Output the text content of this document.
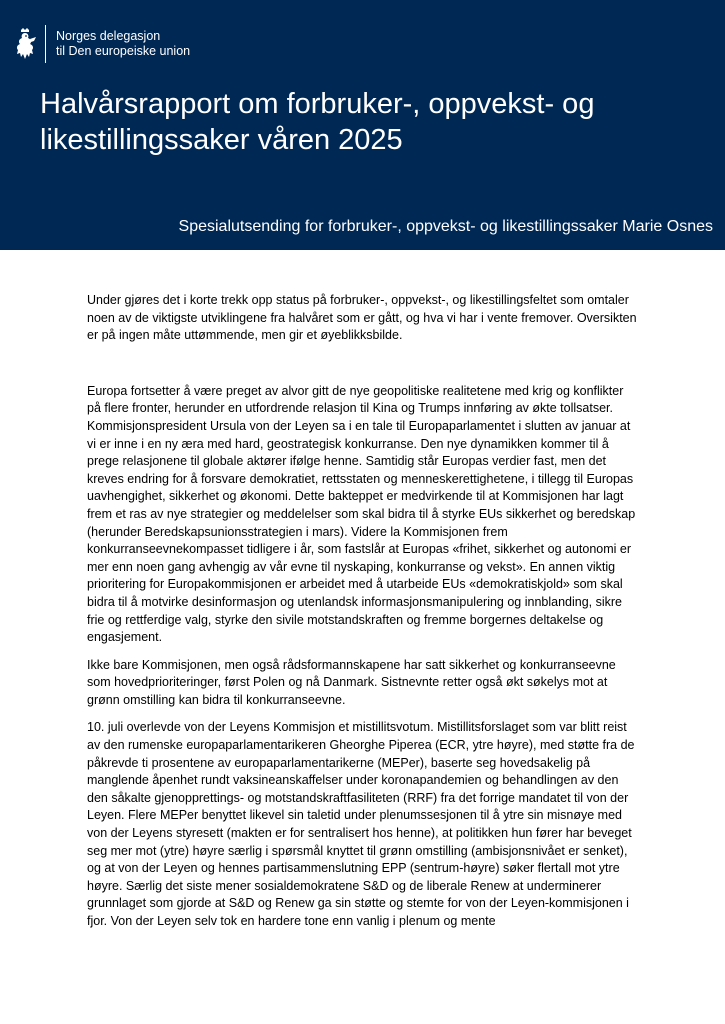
Norges delegasjon
til Den europeiske union
Halvårsrapport om forbruker-, oppvekst- og likestillingssaker våren 2025
Spesialutsending for forbruker-, oppvekst- og likestillingssaker Marie Osnes

Under gjøres det i korte trekk opp status på forbruker-, oppvekst-, og likestillingsfeltet som omtaler noen av de viktigste utviklingene fra halvåret som er gått, og hva vi har i vente fremover. Oversikten er på ingen måte uttømmende, men gir et øyeblikksbilde.

Europa fortsetter å være preget av alvor gitt de nye geopolitiske realitetene med krig og konflikter på flere fronter, herunder en utfordrende relasjon til Kina og Trumps innføring av økte tollsatser. Kommisjonspresident Ursula von der Leyen sa i en tale til Europaparlamentet i slutten av januar at vi er inne i en ny æra med hard, geostrategisk konkurranse. Den nye dynamikken kommer til å prege relasjonene til globale aktører ifølge henne. Samtidig står Europas verdier fast, men det kreves endring for å forsvare demokratiet, rettsstaten og menneskerettighetene, i tillegg til Europas uavhengighet, sikkerhet og økonomi. Dette bakteppet er medvirkende til at Kommisjonen har lagt frem et ras av nye strategier og meddelelser som skal bidra til å styrke EUs sikkerhet og beredskap (herunder Beredskapsunionsstrategien i mars). Videre la Kommisjonen frem konkurranseevnekompasset tidligere i år, som fastslår at Europas «frihet, sikkerhet og autonomi er mer enn noen gang avhengig av vår evne til nyskaping, konkurranse og vekst». En annen viktig prioritering for Europakommisjonen er arbeidet med å utarbeide EUs «demokratiskjold» som skal bidra til å motvirke desinformasjon og utenlandsk informasjonsmanipulering og innblanding, sikre frie og rettferdige valg, styrke den sivile motstandskraften og fremme borgernes deltakelse og engasjement.

Ikke bare Kommisjonen, men også rådsformannskapene har satt sikkerhet og konkurranseevne som hovedprioriteringer, først Polen og nå Danmark. Sistnevnte retter også økt søkelys mot at grønn omstilling kan bidra til konkurranseevne.

10. juli overlevde von der Leyens Kommisjon et mistillitsvotum. Mistillitsforslaget som var blitt reist av den rumenske europaparlamentarikeren Gheorghe Piperea (ECR, ytre høyre), med støtte fra de påkrevde ti prosentene av europaparlamentarikerne (MEPer), baserte seg hovedsakelig på manglende åpenhet rundt vaksineanskaffelser under koronapandemien og behandlingen av den den såkalte gjenopprettings- og motstandskraftfasiliteten (RRF) fra det forrige mandatet til von der Leyen. Flere MEPer benyttet likevel sin taletid under plenumssesjonen til å ytre sin misnøye med von der Leyens styresett (makten er for sentralisert hos henne), at politikken hun fører har beveget seg mer mot (ytre) høyre særlig i spørsmål knyttet til grønn omstilling (ambisjonsnivået er senket), og at von der Leyen og hennes partisammenslutning EPP (sentrum-høyre) søker flertall mot ytre høyre. Særlig det siste mener sosialdemokratene S&D og de liberale Renew at underminerer grunnlaget som gjorde at S&D og Renew ga sin støtte og stemte for von der Leyen-kommisjonen i fjor. Von der Leyen selv tok en hardere tone enn vanlig i plenum og mente
